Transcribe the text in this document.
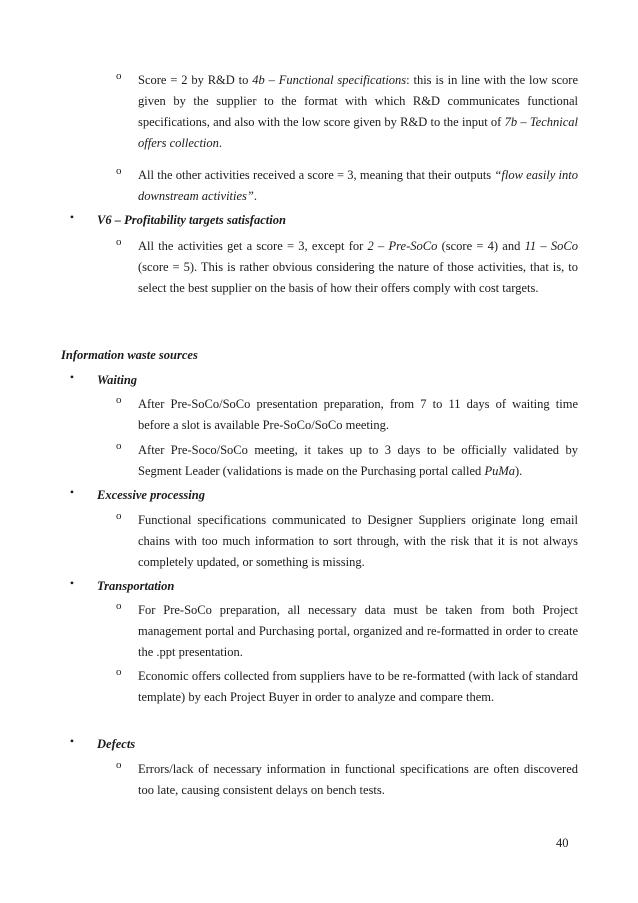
o	Score = 2 by R&D to 4b – Functional specifications: this is in line with the low score given by the supplier to the format with which R&D communicates functional specifications, and also with the low score given by R&D to the input of 7b – Technical offers collection.
o	All the other activities received a score = 3, meaning that their outputs “flow easily into downstream activities”.
•	V6 – Profitability targets satisfaction
o	All the activities get a score = 3, except for 2 – Pre-SoCo (score = 4) and 11 – SoCo (score = 5). This is rather obvious considering the nature of those activities, that is, to select the best supplier on the basis of how their offers comply with cost targets.
Information waste sources
•	Waiting
o	After Pre-SoCo/SoCo presentation preparation, from 7 to 11 days of waiting time before a slot is available Pre-SoCo/SoCo meeting.
o	After Pre-Soco/SoCo meeting, it takes up to 3 days to be officially validated by Segment Leader (validations is made on the Purchasing portal called PuMa).
•	Excessive processing
o	Functional specifications communicated to Designer Suppliers originate long email chains with too much information to sort through, with the risk that it is not always completely updated, or something is missing.
•	Transportation
o	For Pre-SoCo preparation, all necessary data must be taken from both Project management portal and Purchasing portal, organized and re-formatted in order to create the .ppt presentation.
o	Economic offers collected from suppliers have to be re-formatted (with lack of standard template) by each Project Buyer in order to analyze and compare them.
•	Defects
o	Errors/lack of necessary information in functional specifications are often discovered too late, causing consistent delays on bench tests.
40
